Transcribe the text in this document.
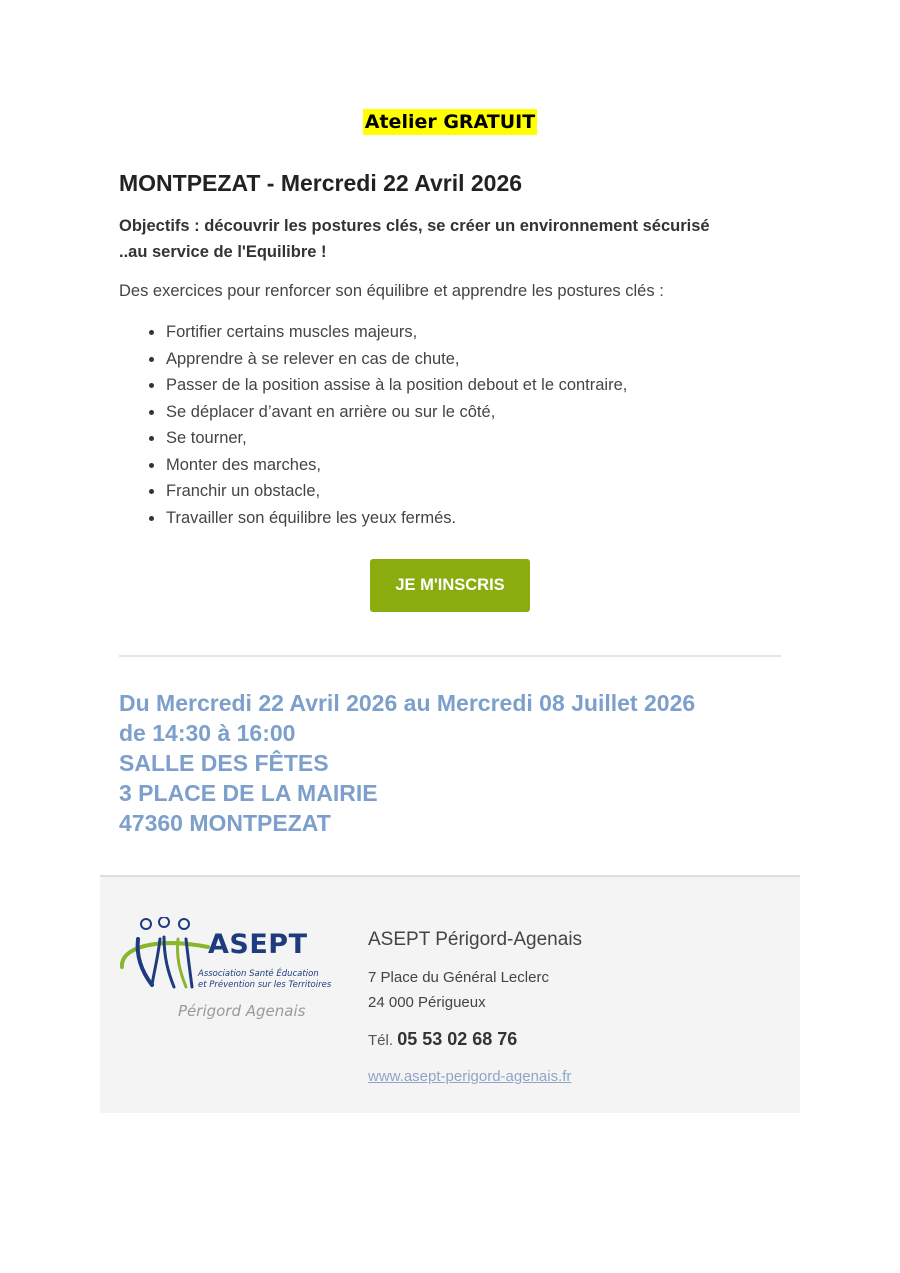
Atelier GRATUIT
MONTPEZAT - Mercredi 22 Avril 2026

Objectifs : découvrir les postures clés, se créer un environnement sécurisé
..au service de l'Equilibre !

Des exercices pour renforcer son équilibre et apprendre les postures clés :

Fortifier certains muscles majeurs,
Apprendre à se relever en cas de chute,
Passer de la position assise à la position debout et le contraire,
Se déplacer d’avant en arrière ou sur le côté,
Se tourner,
Monter des marches,
Franchir un obstacle,
Travailler son équilibre les yeux fermés.
JE M'INSCRIS
Du Mercredi 22 Avril 2026 au Mercredi 08 Juillet 2026
de 14:30 à 16:00
SALLE DES FÊTES
3 PLACE DE LA MAIRIE
47360 MONTPEZAT
ASEPT
Association Santé Éducation
et Prévention sur les Territoires
Périgord Agenais
ASEPT Périgord-Agenais
7 Place du Général Leclerc
24 000 Périgueux
Tél. 05 53 02 68 76
www.asept-perigord-agenais.fr
